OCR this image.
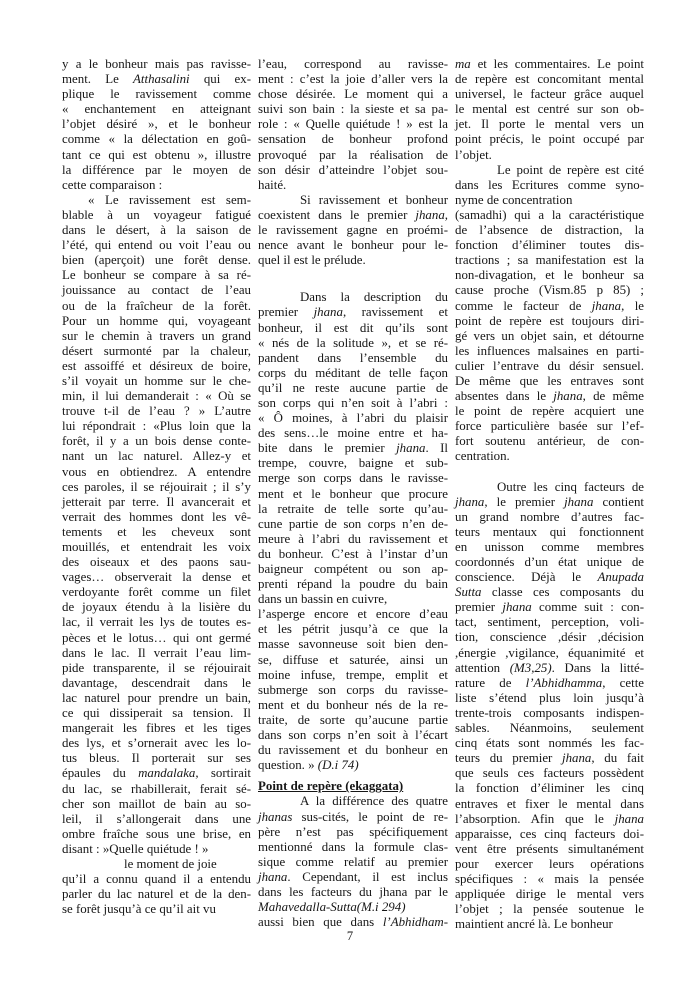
y a le bonheur mais pas ravisse-
ment. Le Atthasalini qui ex-
plique le ravissement comme
« enchantement en atteignant
l’objet désiré », et le bonheur
comme « la délectation en goû-
tant ce qui est obtenu », illustre
la différence par le moyen de
cette comparaison :
« Le ravissement est sem-
blable à un voyageur fatigué
dans le désert, à la saison de
l’été, qui entend ou voit l’eau ou
bien (aperçoit) une forêt dense.
Le bonheur se compare à sa ré-
jouissance au contact de l’eau
ou de la fraîcheur de la forêt.
Pour un homme qui, voyageant
sur le chemin à travers un grand
désert surmonté par la chaleur,
est assoiffé et désireux de boire,
s’il voyait un homme sur le che-
min, il lui demanderait : « Où se
trouve t-il de l’eau ? » L’autre
lui répondrait : «Plus loin que la
forêt, il y a un bois dense conte-
nant un lac naturel. Allez-y et
vous en obtiendrez. A entendre
ces paroles, il se réjouirait ; il s’y
jetterait par terre. Il avancerait et
verrait des hommes dont les vê-
tements et les cheveux sont
mouillés, et entendrait les voix
des oiseaux et des paons sau-
vages… observerait la dense et
verdoyante forêt comme un filet
de joyaux étendu à la lisière du
lac, il verrait les lys de toutes es-
pèces et le lotus… qui ont germé
dans le lac. Il verrait l’eau lim-
pide transparente, il se réjouirait
davantage, descendrait dans le
lac naturel pour prendre un bain,
ce qui dissiperait sa tension. Il
mangerait les fibres et les tiges
des lys, et s’ornerait avec les lo-
tus bleus. Il porterait sur ses
épaules du mandalaka, sortirait
du lac, se rhabillerait, ferait sé-
cher son maillot de bain au so-
leil, il s’allongerait dans une
ombre fraîche sous une brise, en
disant : »Quelle quiétude ! »
le moment de joie
qu’il a connu quand il a entendu
parler du lac naturel et de la den-
se forêt jusqu’à ce qu’il ait vu
l’eau, correspond au ravisse-
ment : c’est la joie d’aller vers la
chose désirée. Le moment qui a
suivi son bain : la sieste et sa pa-
role : « Quelle quiétude ! » est la
sensation de bonheur profond
provoqué par la réalisation de
son désir d’atteindre l’objet sou-
haité.
Si ravissement et bonheur
coexistent dans le premier jhana,
le ravissement gagne en proémi-
nence avant le bonheur pour le-
quel il est le prélude.
Dans la description du
premier jhana, ravissement et
bonheur, il est dit qu’ils sont
« nés de la solitude », et se ré-
pandent dans l’ensemble du
corps du méditant de telle façon
qu’il ne reste aucune partie de
son corps qui n’en soit à l’abri :
« Ô moines, à l’abri du plaisir
des sens…le moine entre et ha-
bite dans le premier jhana. Il
trempe, couvre, baigne et sub-
merge son corps dans le ravisse-
ment et le bonheur que procure
la retraite de telle sorte qu’au-
cune partie de son corps n’en de-
meure à l’abri du ravissement et
du bonheur. C’est à l’instar d’un
baigneur compétent ou son ap-
prenti répand la poudre du bain
dans un bassin en cuivre,
l’asperge encore et encore d’eau
et les pétrit jusqu’à ce que la
masse savonneuse soit bien den-
se, diffuse et saturée, ainsi un
moine infuse, trempe, emplit et
submerge son corps du ravisse-
ment et du bonheur nés de la re-
traite, de sorte qu’aucune partie
dans son corps n’en soit à l’écart
du ravissement et du bonheur en
question. » (D.i 74)
Point de repère (ekaggata)
A la différence des quatre
jhanas sus-cités, le point de re-
père n’est pas spécifiquement
mentionné dans la formule clas-
sique comme relatif au premier
jhana. Cependant, il est inclus
dans les facteurs du jhana par le
Mahavedalla-Sutta(M.i 294)
aussi bien que dans l’Abhidham-
ma et les commentaires. Le point
de repère est concomitant mental
universel, le facteur grâce auquel
le mental est centré sur son ob-
jet. Il porte le mental vers un
point précis, le point occupé par
l’objet.
Le point de repère est cité
dans les Ecritures comme syno-
nyme de concentration
(samadhi) qui a la caractéristique
de l’absence de distraction, la
fonction d’éliminer toutes dis-
tractions ; sa manifestation est la
non-divagation, et le bonheur sa
cause proche (Vism.85 p 85) ;
comme le facteur de jhana, le
point de repère est toujours diri-
gé vers un objet sain, et détourne
les influences malsaines en parti-
culier l’entrave du désir sensuel.
De même que les entraves sont
absentes dans le jhana, de même
le point de repère acquiert une
force particulière basée sur l’ef-
fort soutenu antérieur, de con-
centration.
Outre les cinq facteurs de
jhana, le premier jhana contient
un grand nombre d’autres fac-
teurs mentaux qui fonctionnent
en unisson comme membres
coordonnés d’un état unique de
conscience. Déjà le Anupada
Sutta classe ces composants du
premier jhana comme suit : con-
tact, sentiment, perception, voli-
tion, conscience ,désir ,décision
,énergie ,vigilance, équanimité et
attention (M3,25). Dans la litté-
rature de l’Abhidhamma, cette
liste s’étend plus loin jusqu’à
trente-trois composants indispen-
sables. Néanmoins, seulement
cinq états sont nommés les fac-
teurs du premier jhana, du fait
que seuls ces facteurs possèdent
la fonction d’éliminer les cinq
entraves et fixer le mental dans
l’absorption. Afin que le jhana
apparaisse, ces cinq facteurs doi-
vent être présents simultanément
pour exercer leurs opérations
spécifiques : « mais la pensée
appliquée dirige le mental vers
l’objet ; la pensée soutenue le
maintient ancré là. Le bonheur
7
